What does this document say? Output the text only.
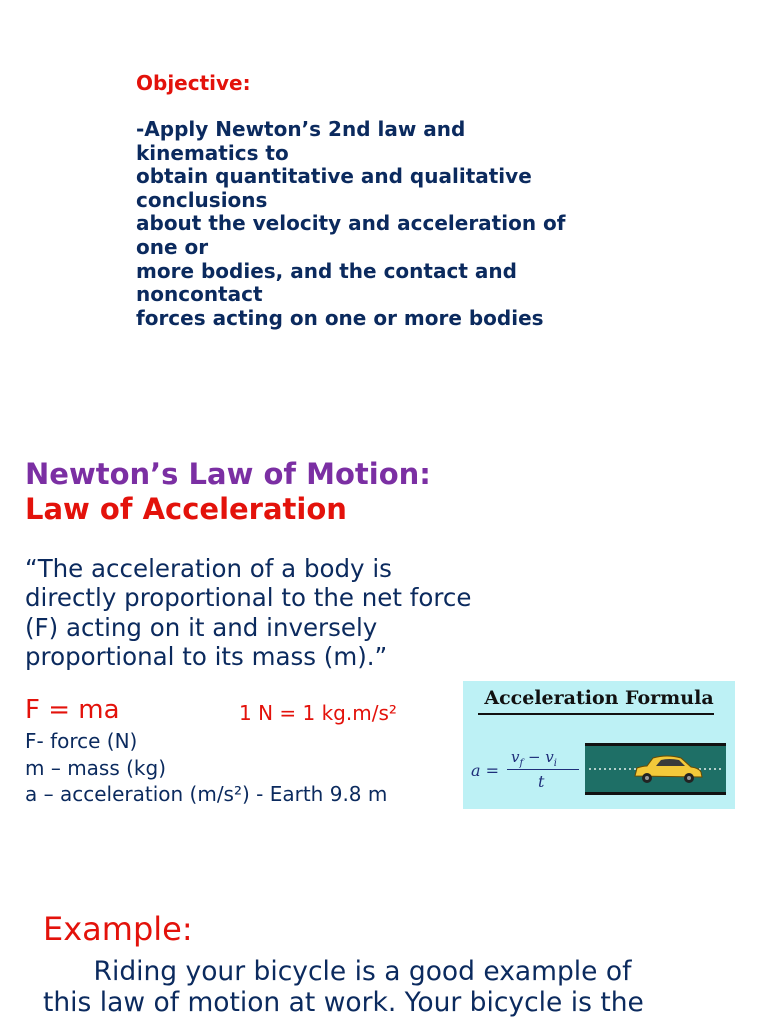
Objective:
-Apply Newton’s 2nd law and
kinematics to
obtain quantitative and qualitative
conclusions
about the velocity and acceleration of
one or
more bodies, and the contact and
noncontact
forces acting on one or more bodies
Newton’s Law of Motion:
Law of Acceleration
“The acceleration of a body is
directly proportional to the net force
(F) acting on it and inversely
proportional to its mass (m).”
F = ma	1 N = 1 kg.m/s²
F- force (N)
m – mass (kg)
a – acceleration (m/s²) - Earth 9.8 m
Acceleration Formula
a =
$v_f - v_i$
t
Example:
Riding your bicycle is a good example of
this law of motion at work. Your bicycle is the
